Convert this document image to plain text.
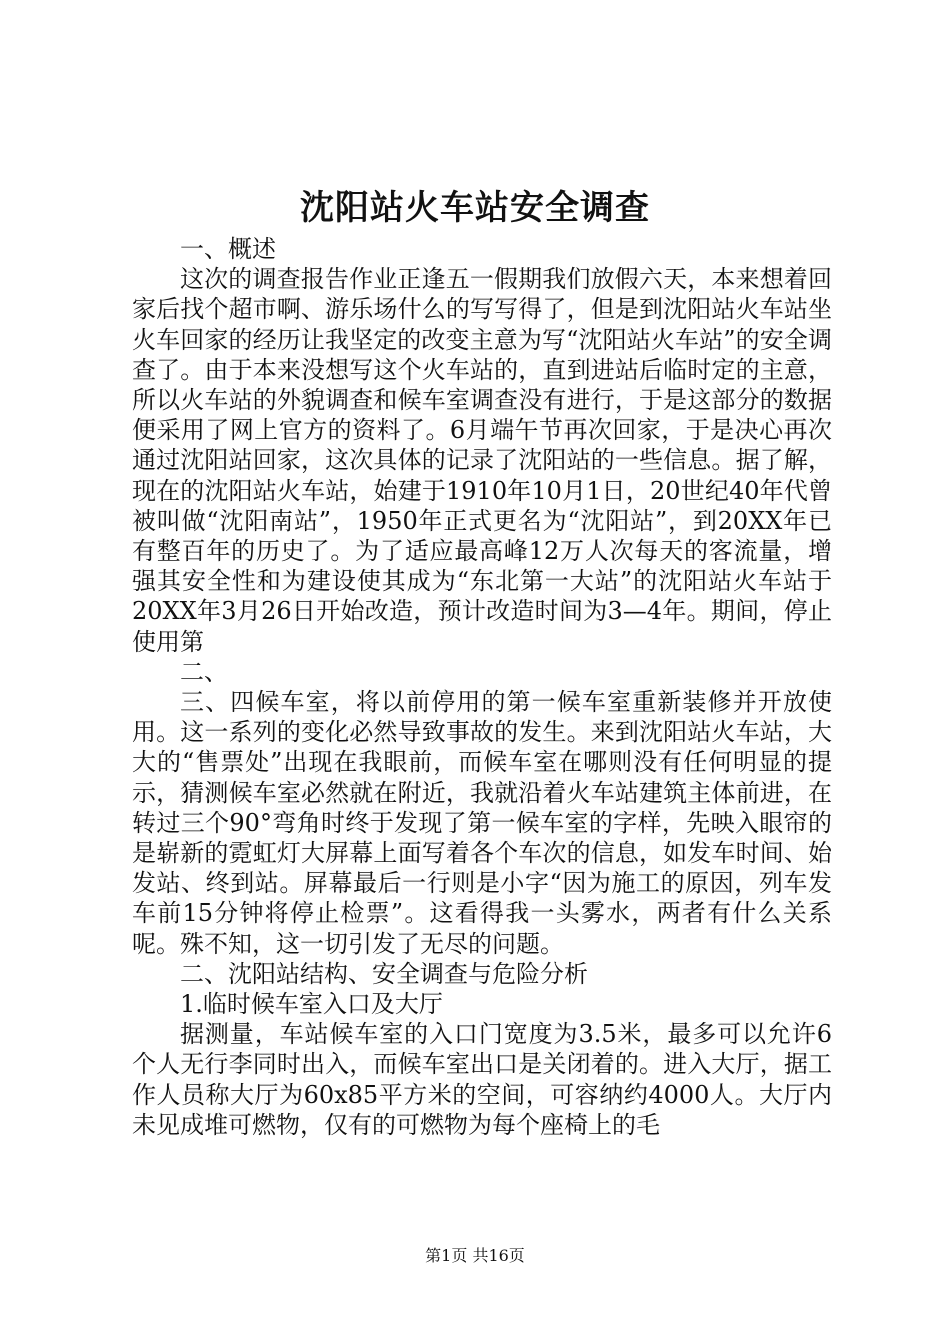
沈阳站火车站安全调查

一、概述

这次的调查报告作业正逢五一假期我们放假六天，本来想着回家后找个超市啊、游乐场什么的写写得了，但是到沈阳站火车站坐火车回家的经历让我坚定的改变主意为写“沈阳站火车站”的安全调查了。由于本来没想写这个火车站的，直到进站后临时定的主意，所以火车站的外貌调查和候车室调查没有进行，于是这部分的数据便采用了网上官方的资料了。6月端午节再次回家，于是决心再次通过沈阳站回家，这次具体的记录了沈阳站的一些信息。据了解，现在的沈阳站火车站，始建于1910年10月1日，20世纪40年代曾被叫做“沈阳南站”，1950年正式更名为“沈阳站”，到20XX年已有整百年的历史了。为了适应最高峰12万人次每天的客流量，增强其安全性和为建设使其成为“东北第一大站”的沈阳站火车站于20XX年3月26日开始改造，预计改造时间为3—4年。期间，停止使用第

二、

三、四候车室，将以前停用的第一候车室重新装修并开放使用。这一系列的变化必然导致事故的发生。来到沈阳站火车站，大大的“售票处”出现在我眼前，而候车室在哪则没有任何明显的提示，猜测候车室必然就在附近，我就沿着火车站建筑主体前进，在转过三个90°弯角时终于发现了第一候车室的字样，先映入眼帘的是崭新的霓虹灯大屏幕上面写着各个车次的信息，如发车时间、始发站、终到站。屏幕最后一行则是小字“因为施工的原因，列车发车前15分钟将停止检票”。这看得我一头雾水，两者有什么关系呢。殊不知，这一切引发了无尽的问题。

二、沈阳站结构、安全调查与危险分析

1.临时候车室入口及大厅

据测量，车站候车室的入口门宽度为3.5米，最多可以允许6个人无行李同时出入，而候车室出口是关闭着的。进入大厅，据工作人员称大厅为60x85平方米的空间，可容纳约4000人。大厅内未见成堆可燃物，仅有的可燃物为每个座椅上的毛

第1页 共16页
